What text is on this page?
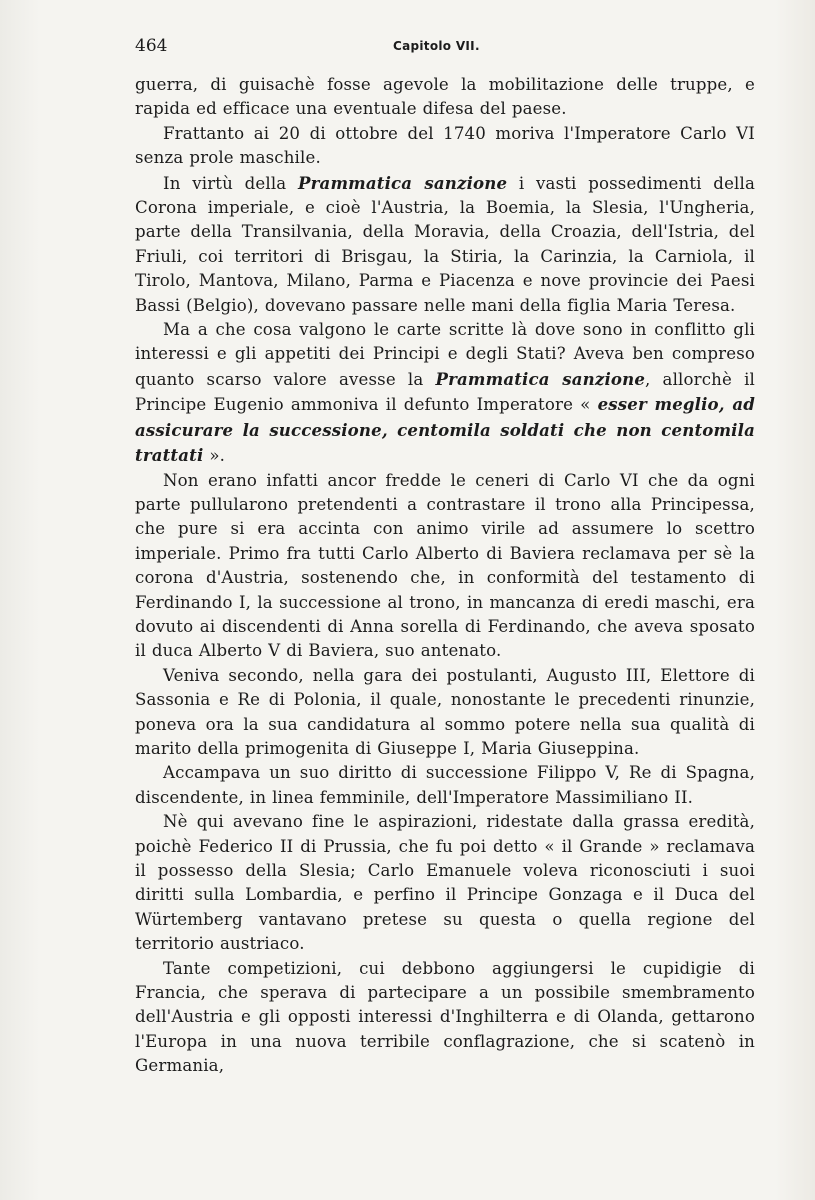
464	Capitolo VII.

guerra, di guisachè fosse agevole la mobilitazione delle truppe, e rapida ed efficace una eventuale difesa del paese.

Frattanto ai 20 di ottobre del 1740 moriva l'Imperatore Carlo VI senza prole maschile.

In virtù della Prammatica sanzione i vasti possedimenti della Corona imperiale, e cioè l'Austria, la Boemia, la Slesia, l'Ungheria, parte della Transilvania, della Moravia, della Croazia, dell'Istria, del Friuli, coi territori di Brisgau, la Stiria, la Carinzia, la Carniola, il Tirolo, Mantova, Milano, Parma e Piacenza e nove provincie dei Paesi Bassi (Belgio), dovevano passare nelle mani della figlia Maria Teresa.

Ma a che cosa valgono le carte scritte là dove sono in conflitto gli interessi e gli appetiti dei Principi e degli Stati? Aveva ben compreso quanto scarso valore avesse la Prammatica sanzione, allorchè il Principe Eugenio ammoniva il defunto Imperatore « esser meglio, ad assicurare la successione, centomila soldati che non centomila trattati ».

Non erano infatti ancor fredde le ceneri di Carlo VI che da ogni parte pullularono pretendenti a contrastare il trono alla Principessa, che pure si era accinta con animo virile ad assumere lo scettro imperiale. Primo fra tutti Carlo Alberto di Baviera reclamava per sè la corona d'Austria, sostenendo che, in conformità del testamento di Ferdinando I, la successione al trono, in mancanza di eredi maschi, era dovuto ai discendenti di Anna sorella di Ferdinando, che aveva sposato il duca Alberto V di Baviera, suo antenato.

Veniva secondo, nella gara dei postulanti, Augusto III, Elettore di Sassonia e Re di Polonia, il quale, nonostante le precedenti rinunzie, poneva ora la sua candidatura al sommo potere nella sua qualità di marito della primogenita di Giuseppe I, Maria Giuseppina.

Accampava un suo diritto di successione Filippo V, Re di Spagna, discendente, in linea femminile, dell'Imperatore Massimiliano II.

Nè qui avevano fine le aspirazioni, ridestate dalla grassa eredità, poichè Federico II di Prussia, che fu poi detto « il Grande » reclamava il possesso della Slesia; Carlo Emanuele voleva riconosciuti i suoi diritti sulla Lombardia, e perfino il Principe Gonzaga e il Duca del Würtemberg vantavano pretese su questa o quella regione del territorio austriaco.

Tante competizioni, cui debbono aggiungersi le cupidigie di Francia, che sperava di partecipare a un possibile smembramento dell'Austria e gli opposti interessi d'Inghilterra e di Olanda, gettarono l'Europa in una nuova terribile conflagrazione, che si scatenò in Germania,
